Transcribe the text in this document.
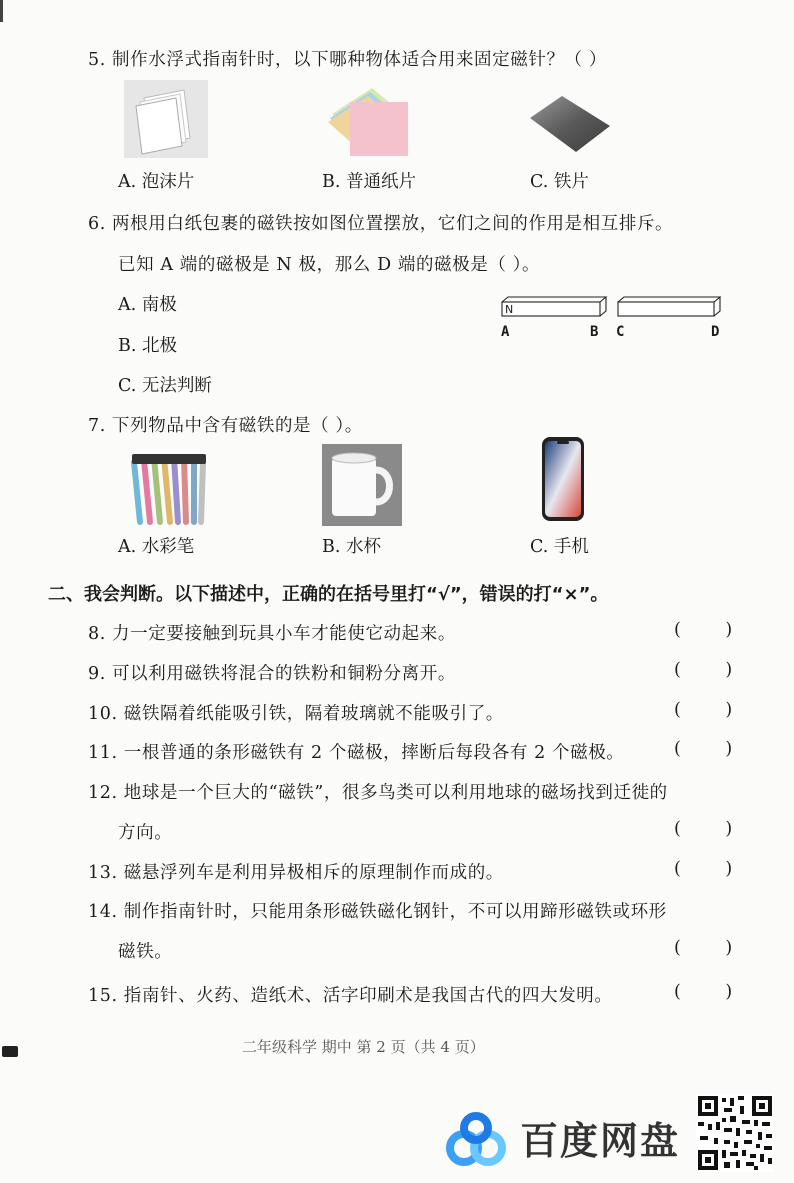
5. 制作水浮式指南针时，以下哪种物体适合用来固定磁针？（ ）
A. 泡沫片	B. 普通纸片	C. 铁片
6. 两根用白纸包裹的磁铁按如图位置摆放，它们之间的作用是相互排斥。
已知 A 端的磁极是 N 极，那么 D 端的磁极是（ ）。
A. 南极
B. 北极
C. 无法判断
N
A	B C	D
7. 下列物品中含有磁铁的是（ ）。
A. 水彩笔	B. 水杯	C. 手机
二、我会判断。以下描述中，正确的在括号里打“√”，错误的打“×”。
8. 力一定要接触到玩具小车才能使它动起来。	(        )
9. 可以利用磁铁将混合的铁粉和铜粉分离开。	(        )
10. 磁铁隔着纸能吸引铁，隔着玻璃就不能吸引了。	(        )
11. 一根普通的条形磁铁有 2 个磁极，摔断后每段各有 2 个磁极。	(        )
12. 地球是一个巨大的“磁铁”，很多鸟类可以利用地球的磁场找到迁徙的
方向。	(        )
13. 磁悬浮列车是利用异极相斥的原理制作而成的。	(        )
14. 制作指南针时，只能用条形磁铁磁化钢针，不可以用蹄形磁铁或环形
磁铁。	(        )
15. 指南针、火药、造纸术、活字印刷术是我国古代的四大发明。	(        )
二年级科学 期中 第 2 页（共 4 页）
百度网盘
